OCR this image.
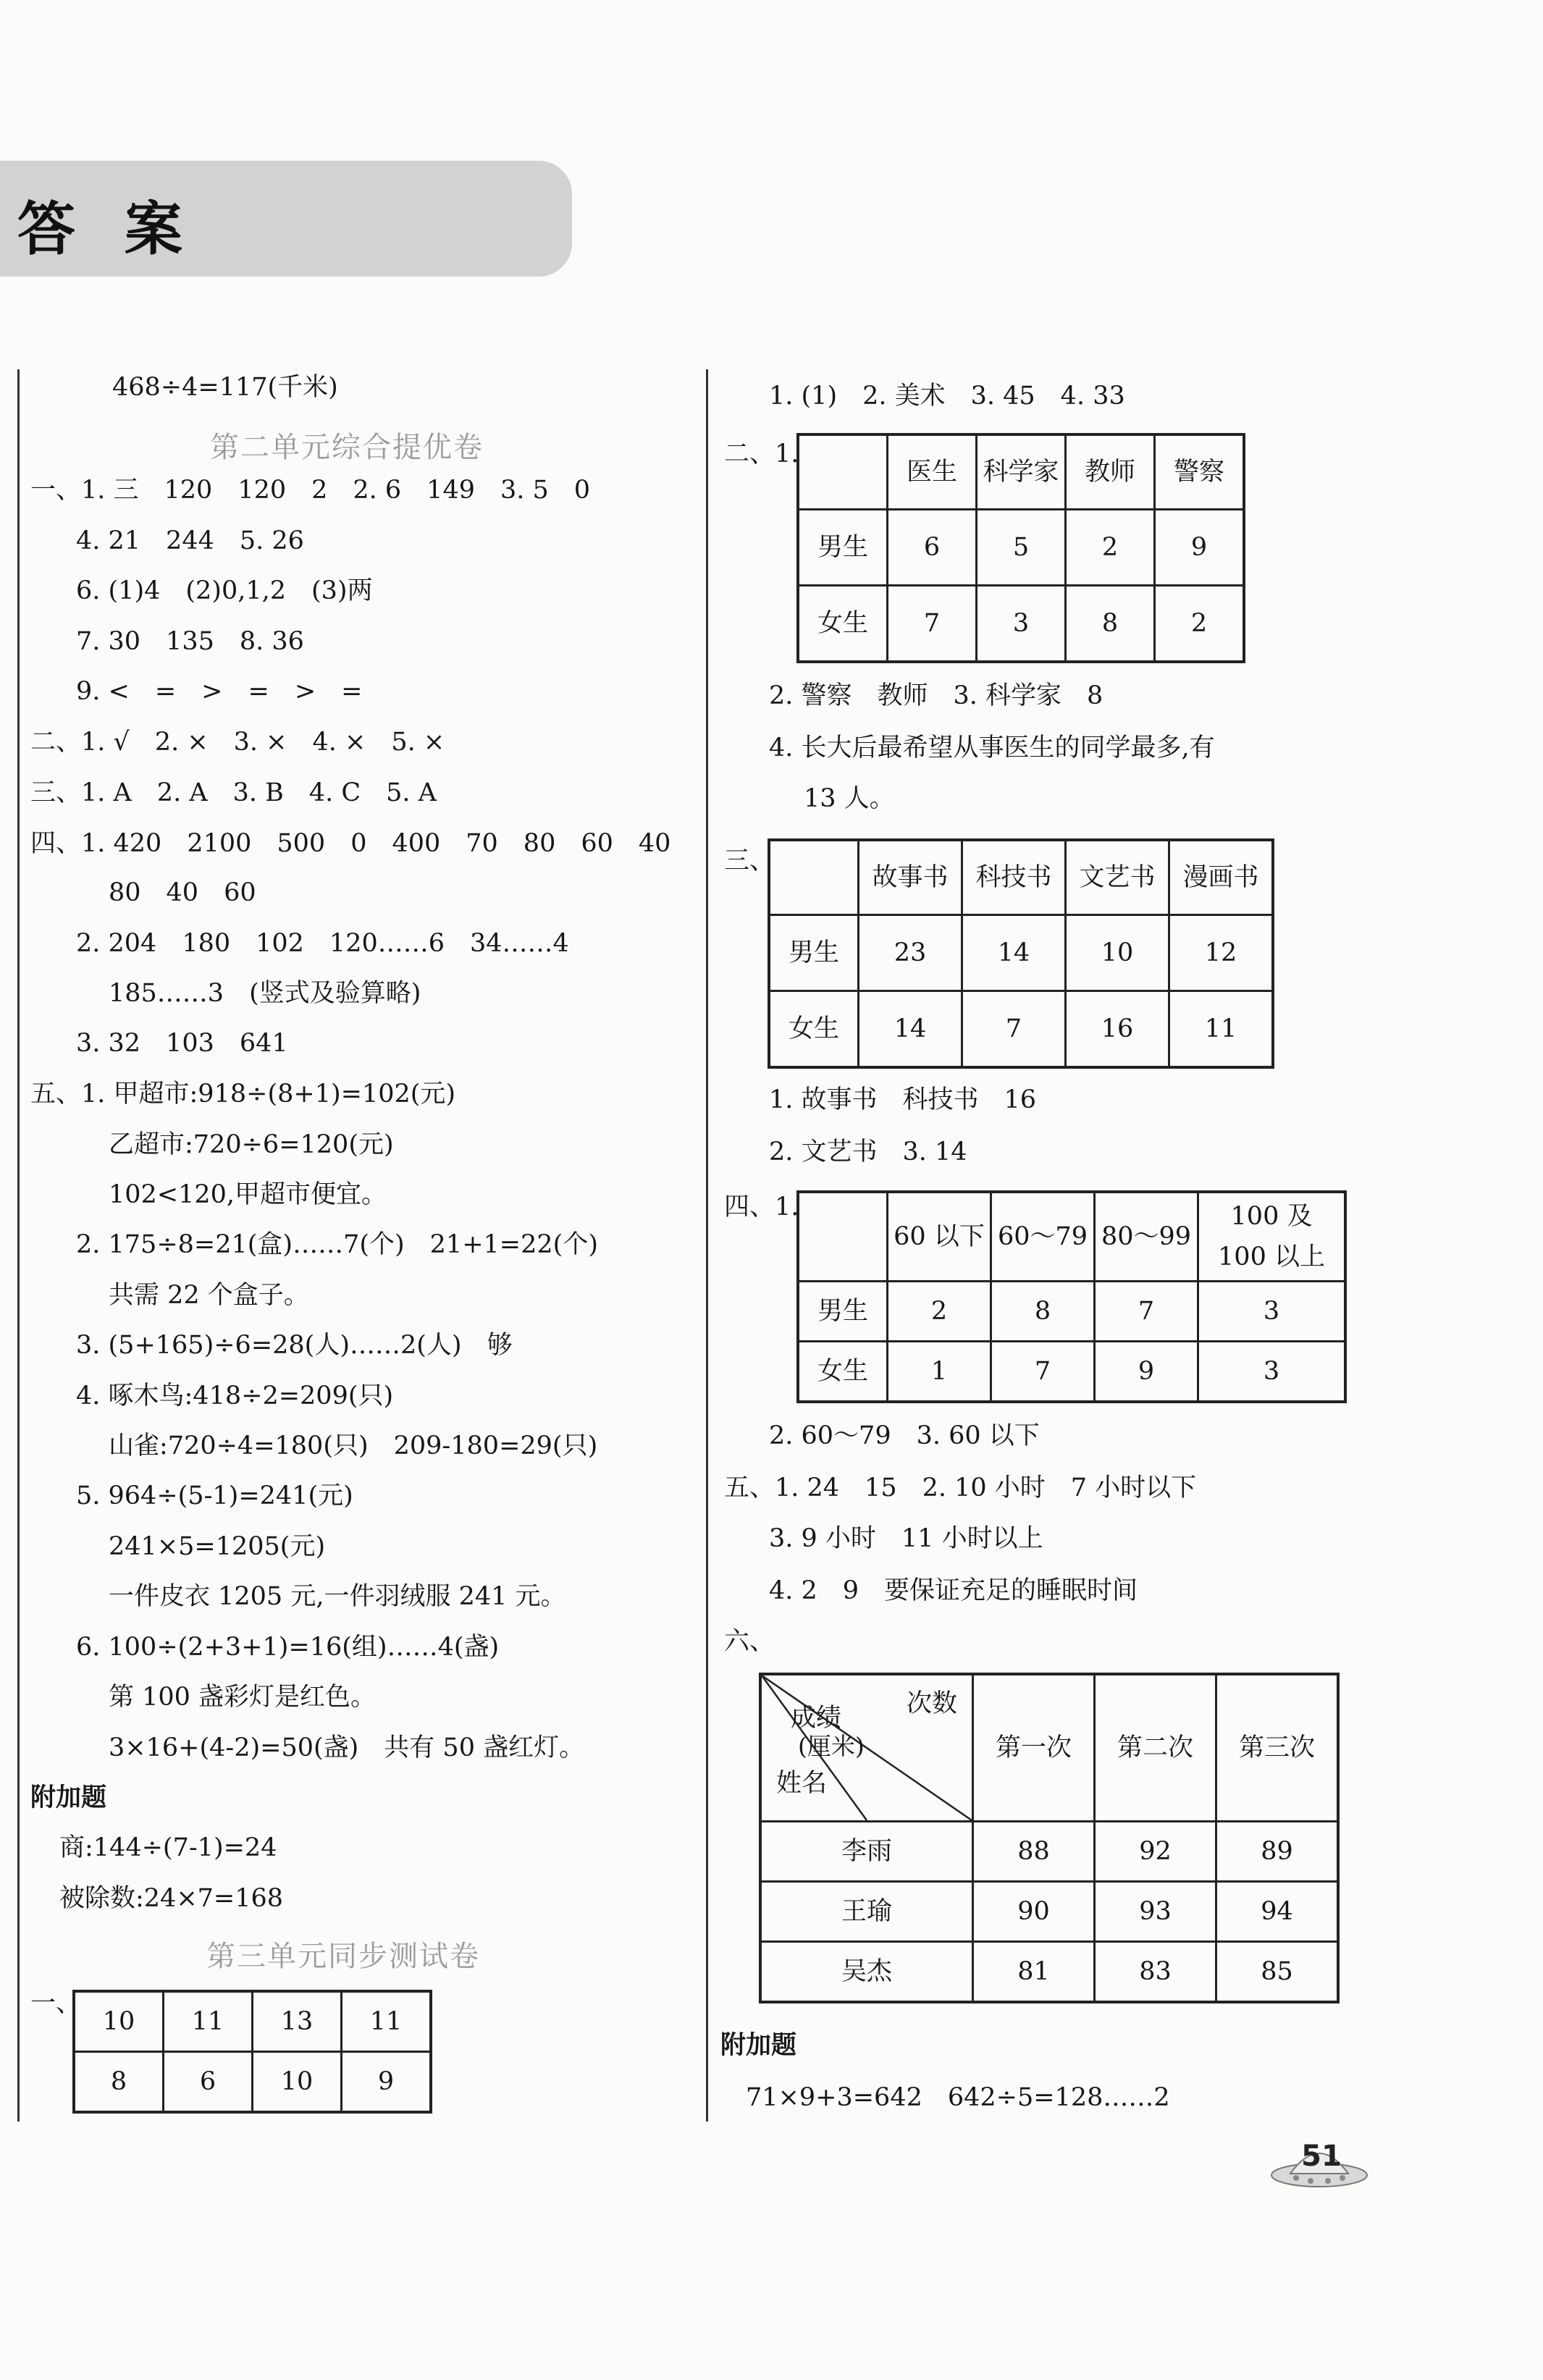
答 案
468÷4=117(千米)
第二单元综合提优卷
一、1. 三　120　120　2　2. 6　149　3. 5　0
4. 21　244　5. 26
6. (1)4　(2)0,1,2　(3)两
7. 30　135　8. 36
9. <　=　>　=　>　=
二、1. √　2. ×　3. ×　4. ×　5. ×
三、1. A　2. A　3. B　4. C　5. A
四、1. 420　2100　500　0　400　70　80　60　40
80　40　60
2. 204　180　102　120……6　34……4
185……3　(竖式及验算略)
3. 32　103　641
五、1. 甲超市:918÷(8+1)=102(元)
乙超市:720÷6=120(元)
102<120,甲超市便宜。
2. 175÷8=21(盒)……7(个)　21+1=22(个)
共需 22 个盒子。
3. (5+165)÷6=28(人)……2(人)　够
4. 啄木鸟:418÷2=209(只)
山雀:720÷4=180(只)　209-180=29(只)
5. 964÷(5-1)=241(元)
241×5=1205(元)
一件皮衣 1205 元,一件羽绒服 241 元。
6. 100÷(2+3+1)=16(组)……4(盏)
第 100 盏彩灯是红色。
3×16+(4-2)=50(盏)　共有 50 盏红灯。
附加题
商:144÷(7-1)=24
被除数:24×7=168
第三单元同步测试卷
一、
10	11	13	11
8	6	10	9
1. (1)　2. 美术　3. 45　4. 33
二、1.
	医生	科学家	教师	警察
男生	6	5	2	9
女生	7	3	8	2
2. 警察　教师　3. 科学家　8
4. 长大后最希望从事医生的同学最多,有
13 人。
三、
	故事书	科技书	文艺书	漫画书
男生	23	14	10	12
女生	14	7	16	11
1. 故事书　科技书　16
2. 文艺书　3. 14
四、1.
	60 以下	60～79	80～99	100 及
100 以上

男生	2	8	7	3
女生	1	7	9	3
2. 60～79　3. 60 以下
五、1. 24　15　2. 10 小时　7 小时以下
3. 9 小时　11 小时以上
4. 2　9　要保证充足的睡眠时间
六、
次数
成绩
(厘米)
姓名	第一次	第二次	第三次
李雨	88	92	89
王瑜	90	93	94
吴杰	81	83	85
附加题
71×9+3=642　642÷5=128……2
51
